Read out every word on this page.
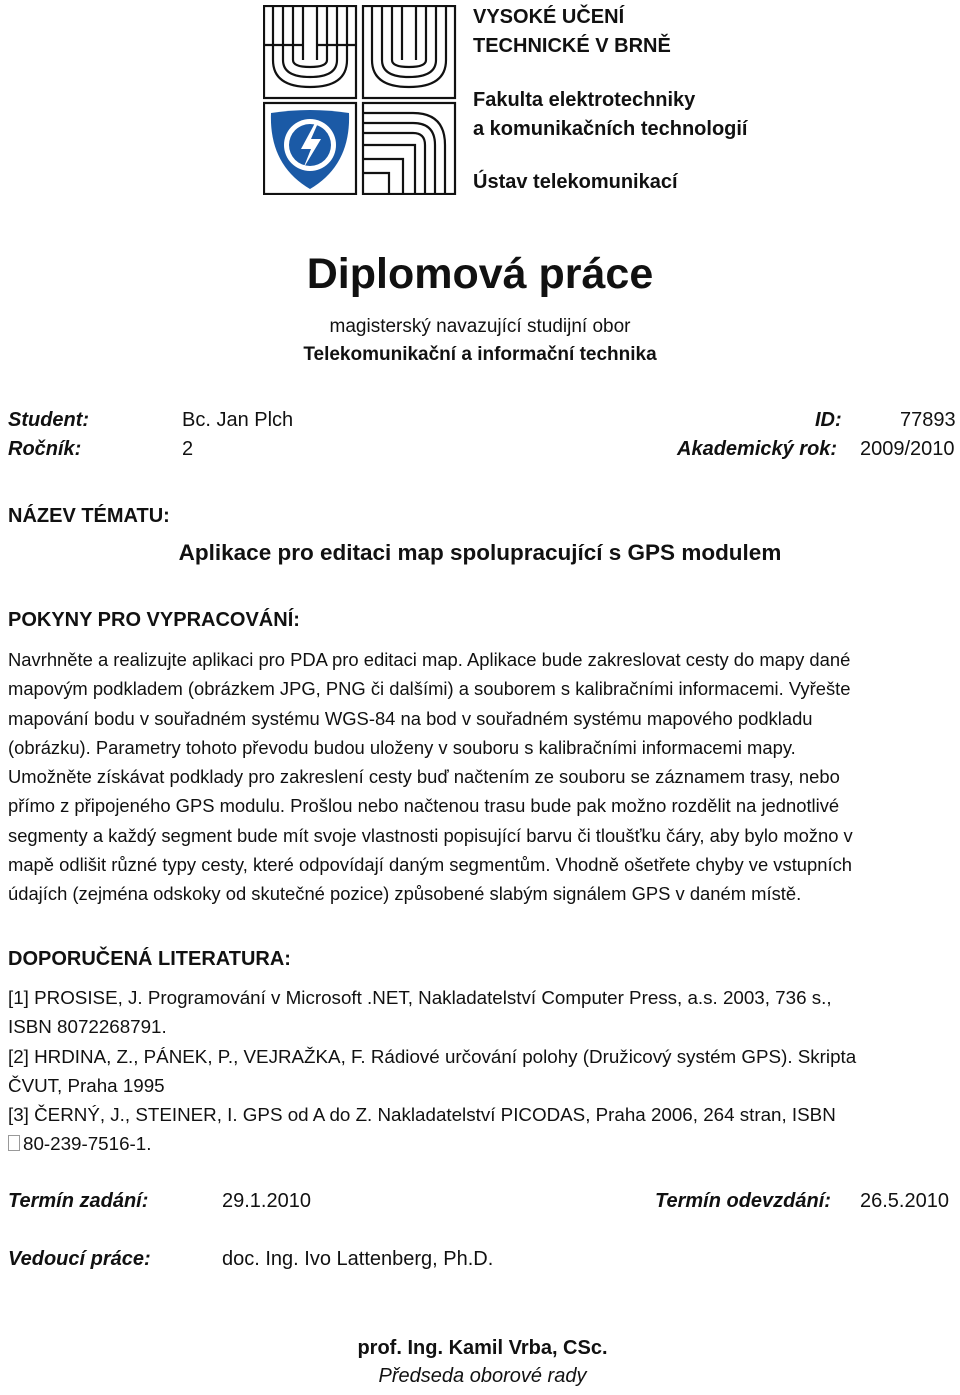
VYSOKÉ UČENÍ
TECHNICKÉ V BRNĚ
Fakulta elektrotechniky
a komunikačních technologií
Ústav telekomunikací
Diplomová práce
magisterský navazující studijní obor
Telekomunikační a informační technika
Student:	Bc. Jan Plch	ID:	77893
Ročník:	2	Akademický rok: 2009/2010
NÁZEV TÉMATU:
Aplikace pro editaci map spolupracující s GPS modulem
POKYNY PRO VYPRACOVÁNÍ:
Navrhněte a realizujte aplikaci pro PDA pro editaci map. Aplikace bude zakreslovat cesty do mapy dané
mapovým podkladem (obrázkem JPG, PNG či dalšími) a souborem s kalibračními informacemi. Vyřešte
mapování bodu v souřadném systému WGS-84 na bod v souřadném systému mapového podkladu
(obrázku). Parametry tohoto převodu budou uloženy v souboru s kalibračními informacemi mapy.
Umožněte získávat podklady pro zakreslení cesty buď načtením ze souboru se záznamem trasy, nebo
přímo z připojeného GPS modulu. Prošlou nebo načtenou trasu bude pak možno rozdělit na jednotlivé
segmenty a každý segment bude mít svoje vlastnosti popisující barvu či tloušťku čáry, aby bylo možno v
mapě odlišit různé typy cesty, které odpovídají daným segmentům. Vhodně ošetřete chyby ve vstupních
údajích (zejména odskoky od skutečné pozice) způsobené slabým signálem GPS v daném místě.
DOPORUČENÁ LITERATURA:
[1] PROSISE, J. Programování v Microsoft .NET, Nakladatelství Computer Press, a.s. 2003, 736 s.,
ISBN 8072268791.
[2] HRDINA, Z., PÁNEK, P., VEJRAŽKA, F. Rádiové určování polohy (Družicový systém GPS). Skripta
ČVUT, Praha 1995
[3] ČERNÝ, J., STEINER, I. GPS od A do Z. Nakladatelství PICODAS, Praha 2006, 264 stran, ISBN
80-239-7516-1.
Termín zadání:	29.1.2010	Termín odevzdání: 26.5.2010
Vedoucí práce:	doc. Ing. Ivo Lattenberg, Ph.D.
prof. Ing. Kamil Vrba, CSc.
Předseda oborové rady
